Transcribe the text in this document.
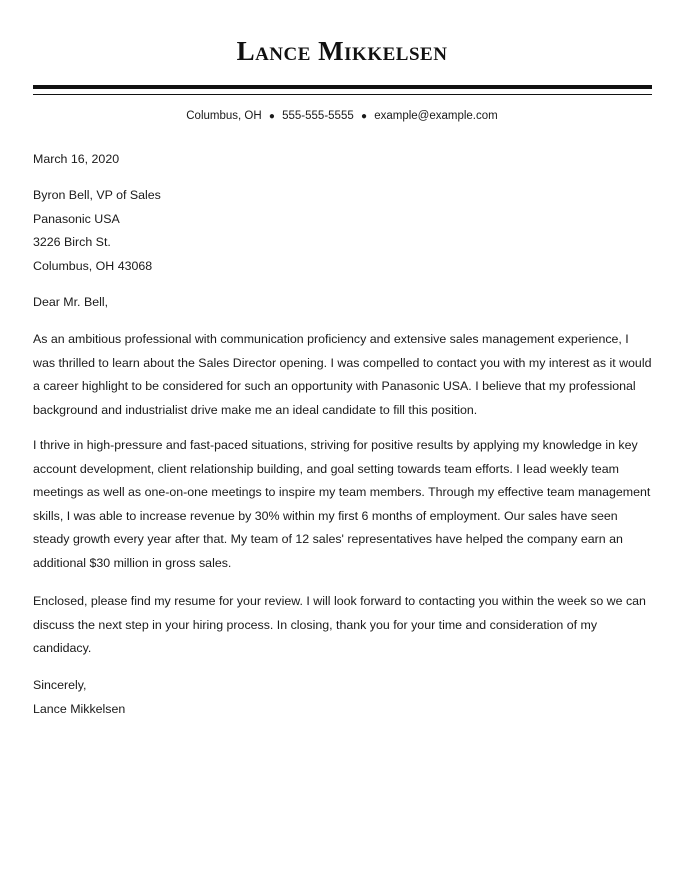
Lance Mikkelsen
Columbus, OH ● 555-555-5555 ● example@example.com
March 16, 2020
Byron Bell, VP of Sales
Panasonic USA
3226 Birch St.
Columbus, OH 43068
Dear Mr. Bell,

As an ambitious professional with communication proficiency and extensive sales management experience, I was thrilled to learn about the Sales Director opening. I was compelled to contact you with my interest as it would a career highlight to be considered for such an opportunity with Panasonic USA. I believe that my professional background and industrialist drive make me an ideal candidate to fill this position.

I thrive in high-pressure and fast-paced situations, striving for positive results by applying my knowledge in key account development, client relationship building, and goal setting towards team efforts. I lead weekly team meetings as well as one-on-one meetings to inspire my team members. Through my effective team management skills, I was able to increase revenue by 30% within my first 6 months of employment. Our sales have seen steady growth every year after that. My team of 12 sales' representatives have helped the company earn an additional $30 million in gross sales.

Enclosed, please find my resume for your review. I will look forward to contacting you within the week so we can discuss the next step in your hiring process. In closing, thank you for your time and consideration of my candidacy.

Sincerely,
Lance Mikkelsen
